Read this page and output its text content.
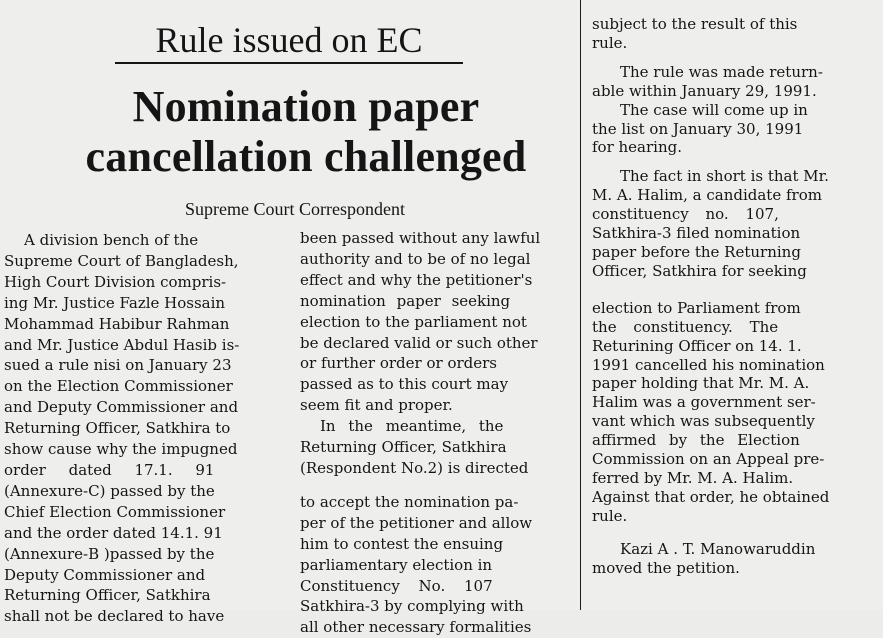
Rule issued on EC
Nomination paper
cancellation challenged
Supreme Court Correspondent
A division bench of the
Supreme Court of Bangladesh,
High Court Division compris-
ing Mr. Justice Fazle Hossain
Mohammad Habibur Rahman
and Mr. Justice Abdul Hasib is-
sued a rule nisi on January 23
on the Election Commissioner
and Deputy Commissioner and
Returning Officer, Satkhira to
show cause why the impugned
order dated 17.1. 91
(Annexure-C) passed by the
Chief Election Commissioner
and the order dated 14.1. 91
(Annexure-B )passed by the
Deputy Commissioner and
Returning Officer, Satkhira
shall not be declared to have
been passed without any lawful
authority and to be of no legal
effect and why the petitioner's
nomination paper seeking
election to the parliament not
be declared valid or such other
or further order or orders
passed as to this court may
seem fit and proper.
In the meantime, the
Returning Officer, Satkhira
(Respondent No.2) is directed
to accept the nomination pa-
per of the petitioner and allow
him to contest the ensuing
parliamentary election in
Constituency No. 107
Satkhira-3 by complying with
all other necessary formalities
subject to the result of this
rule.
The rule was made return-
able within January 29, 1991.
The case will come up in
the list on January 30, 1991
for hearing.
The fact in short is that Mr.
M. A. Halim, a candidate from
constituency no. 107,
Satkhira-3 filed nomination
paper before the Returning
Officer, Satkhira for seeking
election to Parliament from
the constituency. The
Returining Officer on 14. 1.
1991 cancelled his nomination
paper holding that Mr. M. A.
Halim was a government ser-
vant which was subsequently
affirmed by the Election
Commission on an Appeal pre-
ferred by Mr. M. A. Halim.
Against that order, he obtained
rule.
Kazi A . T. Manowaruddin
moved the petition.
